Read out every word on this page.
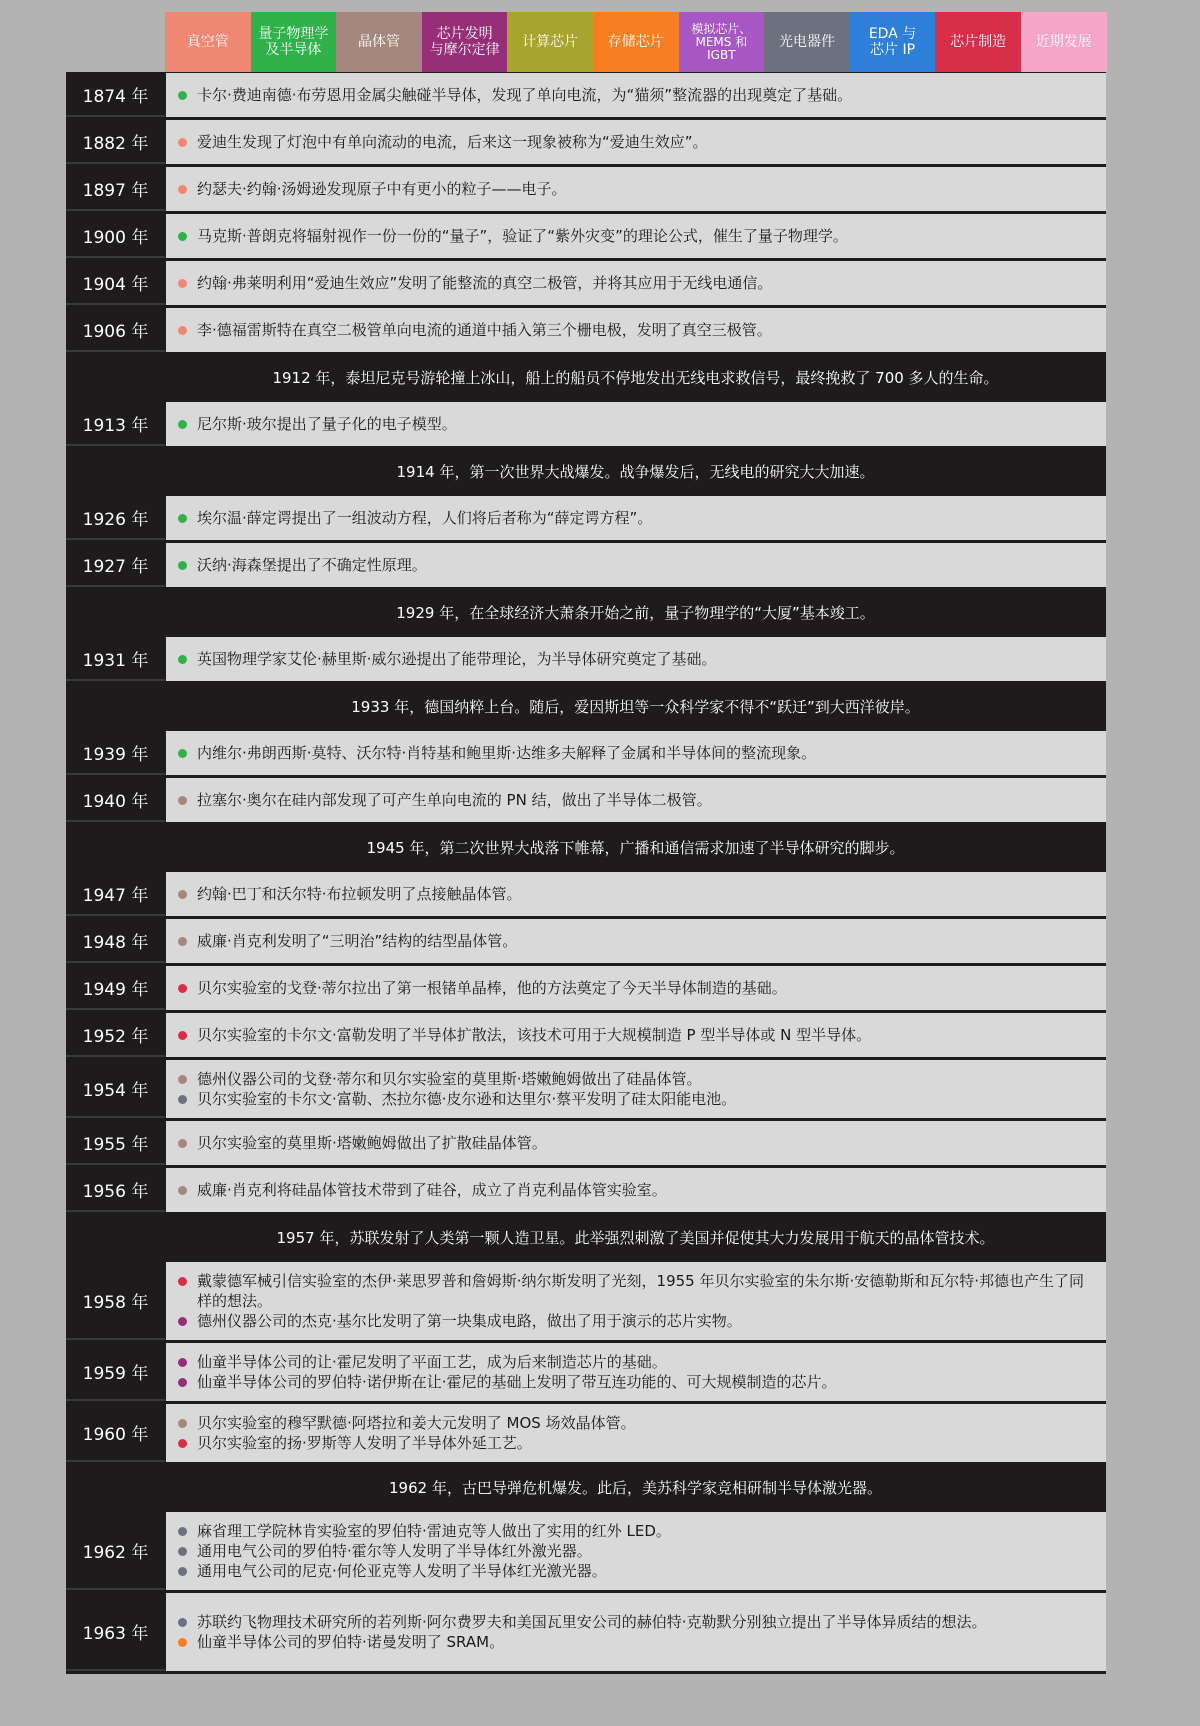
真空管	量子物理学
及半导体	晶体管	芯片发明
与摩尔定律	计算芯片	存储芯片
模拟芯片、
MEMS 和
IGBT
光电器件	EDA 与
芯片 IP	芯片制造	近期发展
1874 年	卡尔·费迪南德·布劳恩用金属尖触碰半导体，发现了单向电流，为“猫须”整流器的出现奠定了基础。
1882 年	爱迪生发现了灯泡中有单向流动的电流，后来这一现象被称为“爱迪生效应”。
1897 年	约瑟夫·约翰·汤姆逊发现原子中有更小的粒子——电子。
1900 年	马克斯·普朗克将辐射视作一份一份的“量子”，验证了“紫外灾变”的理论公式，催生了量子物理学。
1904 年	约翰·弗莱明利用“爱迪生效应”发明了能整流的真空二极管，并将其应用于无线电通信。
1906 年	李·德福雷斯特在真空二极管单向电流的通道中插入第三个栅电极，发明了真空三极管。
1912 年，泰坦尼克号游轮撞上冰山，船上的船员不停地发出无线电求救信号，最终挽救了 700 多人的生命。
1913 年	尼尔斯·玻尔提出了量子化的电子模型。
1914 年，第一次世界大战爆发。战争爆发后，无线电的研究大大加速。
1926 年	埃尔温·薛定谔提出了一组波动方程，人们将后者称为“薛定谔方程”。
1927 年	沃纳·海森堡提出了不确定性原理。
1929 年，在全球经济大萧条开始之前，量子物理学的“大厦”基本竣工。
1931 年	英国物理学家艾伦·赫里斯·威尔逊提出了能带理论，为半导体研究奠定了基础。
1933 年，德国纳粹上台。随后，爱因斯坦等一众科学家不得不“跃迁”到大西洋彼岸。
1939 年	内维尔·弗朗西斯·莫特、沃尔特·肖特基和鲍里斯·达维多夫解释了金属和半导体间的整流现象。
1940 年	拉塞尔·奥尔在硅内部发现了可产生单向电流的 PN 结，做出了半导体二极管。
1945 年，第二次世界大战落下帷幕，广播和通信需求加速了半导体研究的脚步。
1947 年	约翰·巴丁和沃尔特·布拉顿发明了点接触晶体管。
1948 年	威廉·肖克利发明了“三明治”结构的结型晶体管。
1949 年	贝尔实验室的戈登·蒂尔拉出了第一根锗单晶棒，他的方法奠定了今天半导体制造的基础。
1952 年	贝尔实验室的卡尔文·富勒发明了半导体扩散法，该技术可用于大规模制造 P 型半导体或 N 型半导体。
1954 年
德州仪器公司的戈登·蒂尔和贝尔实验室的莫里斯·塔嫩鲍姆做出了硅晶体管。
贝尔实验室的卡尔文·富勒、杰拉尔德·皮尔逊和达里尔·蔡平发明了硅太阳能电池。
1955 年	贝尔实验室的莫里斯·塔嫩鲍姆做出了扩散硅晶体管。
1956 年	威廉·肖克利将硅晶体管技术带到了硅谷，成立了肖克利晶体管实验室。
1957 年，苏联发射了人类第一颗人造卫星。此举强烈刺激了美国并促使其大力发展用于航天的晶体管技术。
1958 年
戴蒙德军械引信实验室的杰伊·莱思罗普和詹姆斯·纳尔斯发明了光刻，1955 年贝尔实验室的朱尔斯·安德勒斯和瓦尔特·邦德也产生了同样的想法。
德州仪器公司的杰克·基尔比发明了第一块集成电路，做出了用于演示的芯片实物。
1959 年
仙童半导体公司的让·霍尼发明了平面工艺，成为后来制造芯片的基础。
仙童半导体公司的罗伯特·诺伊斯在让·霍尼的基础上发明了带互连功能的、可大规模制造的芯片。
1960 年
贝尔实验室的穆罕默德·阿塔拉和姜大元发明了 MOS 场效晶体管。
贝尔实验室的扬·罗斯等人发明了半导体外延工艺。
1962 年，古巴导弹危机爆发。此后，美苏科学家竞相研制半导体激光器。
1962 年
麻省理工学院林肯实验室的罗伯特·雷迪克等人做出了实用的红外 LED。
通用电气公司的罗伯特·霍尔等人发明了半导体红外激光器。
通用电气公司的尼克·何伦亚克等人发明了半导体红光激光器。
1963 年
苏联约飞物理技术研究所的若列斯·阿尔费罗夫和美国瓦里安公司的赫伯特·克勒默分别独立提出了半导体异质结的想法。
仙童半导体公司的罗伯特·诺曼发明了 SRAM。
